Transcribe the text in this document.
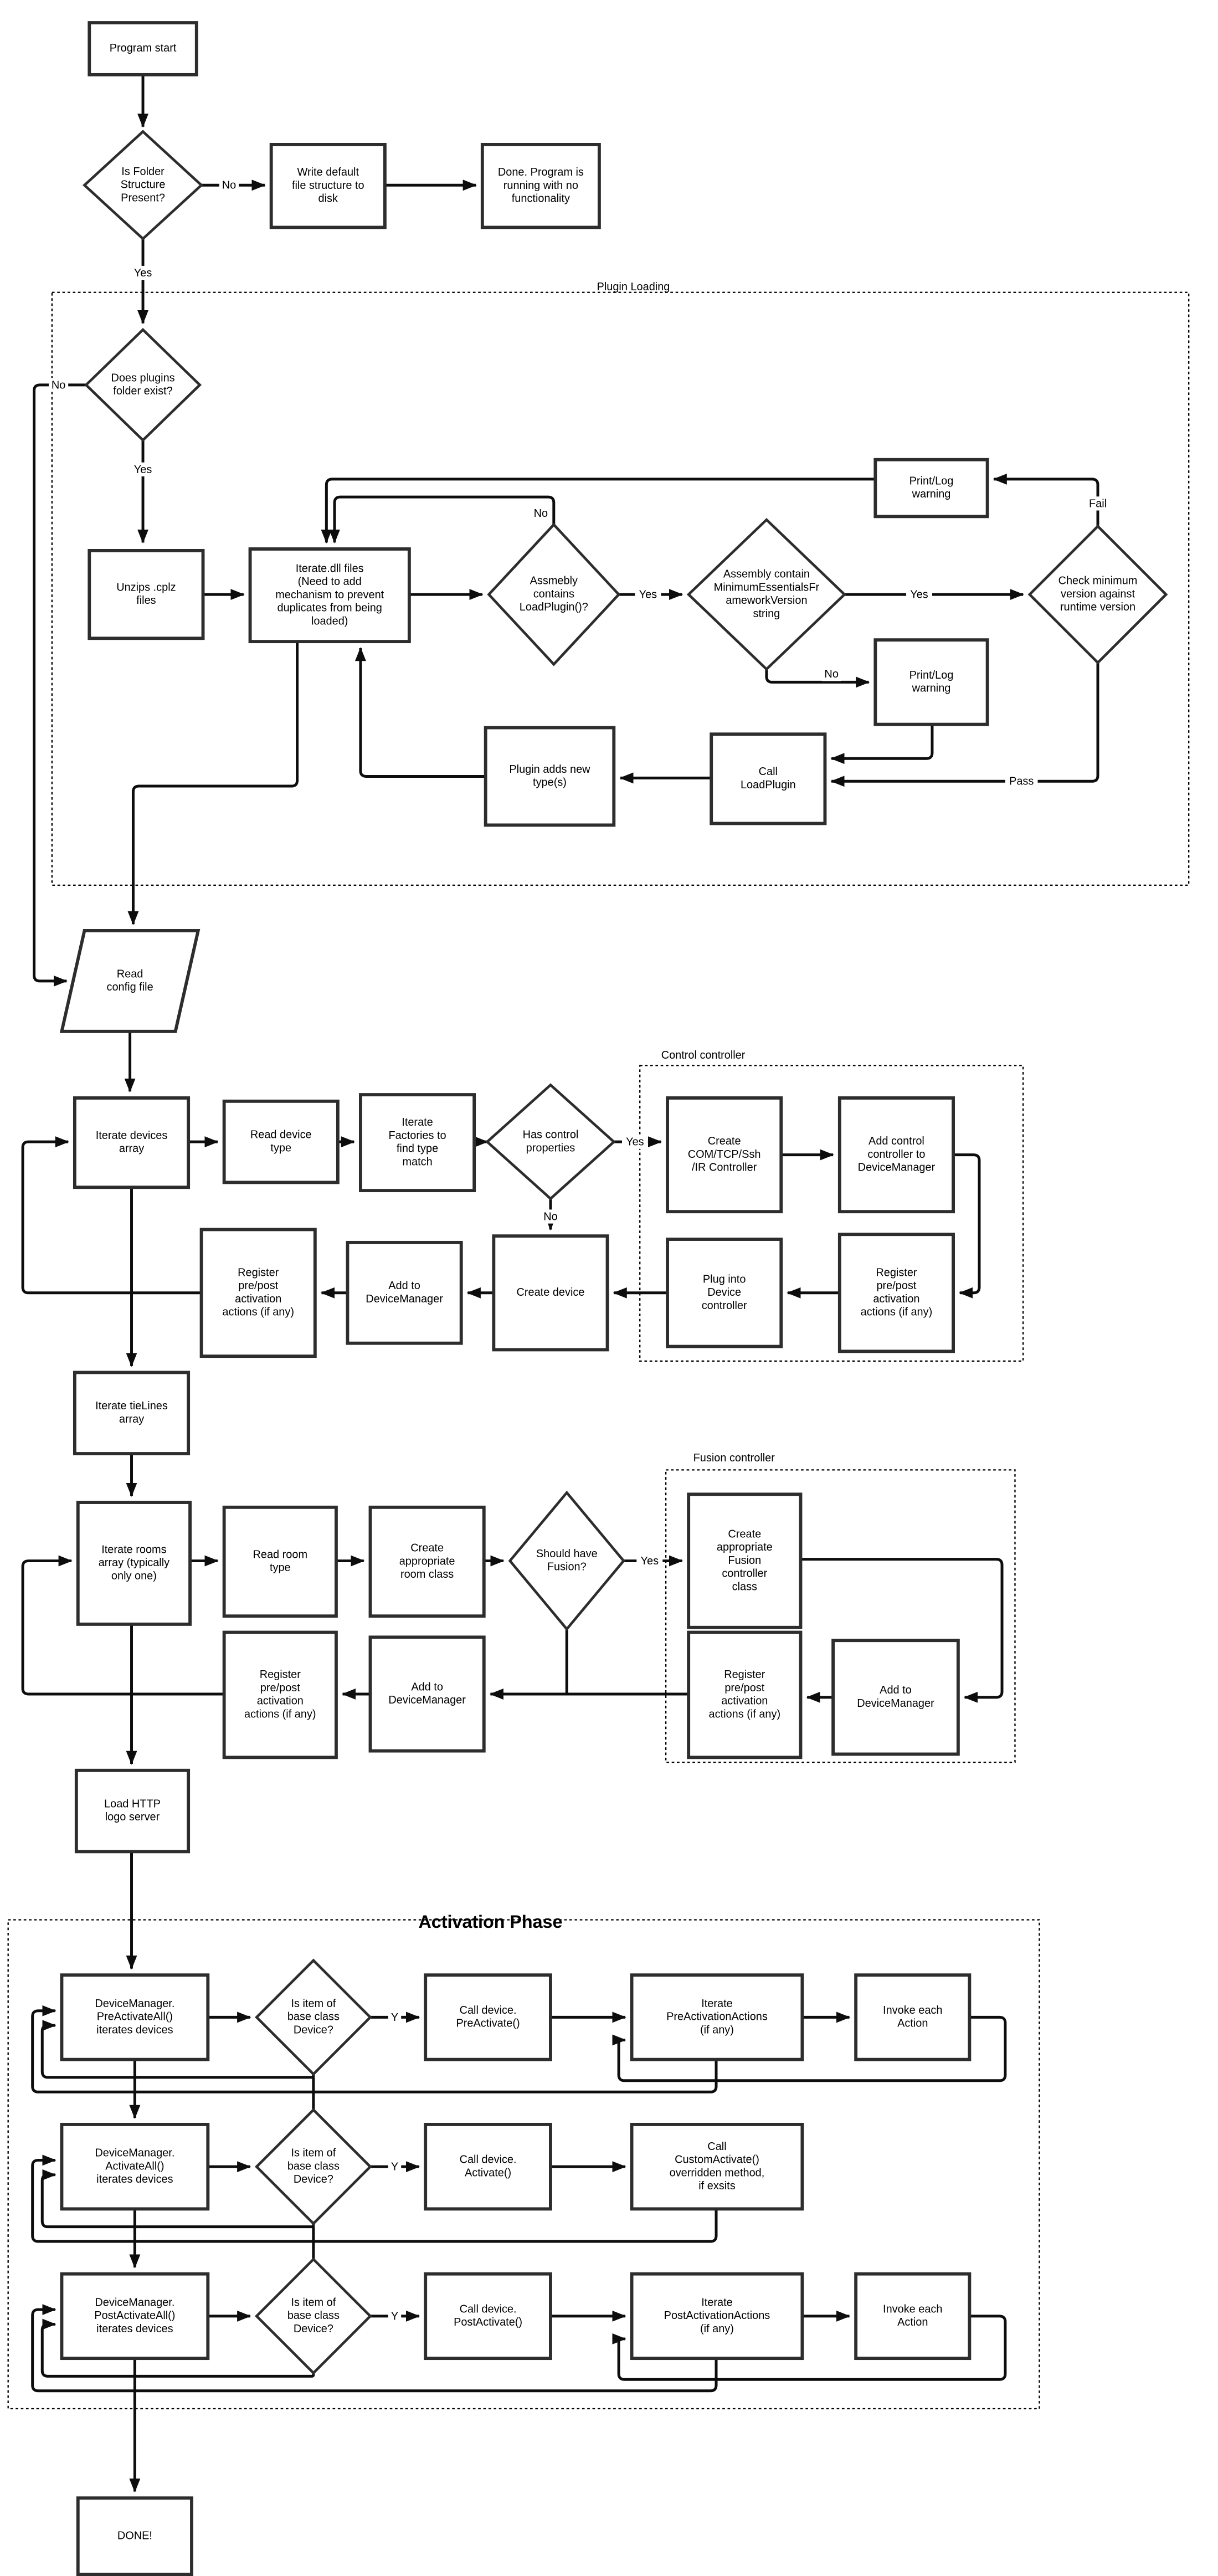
Program start
Is Folder
Structure
Present?
Write default
file structure to
disk
Done. Program is
running with no
functionality
Does plugins
folder exist?
Unzips .cplz
files
Iterate.dll files
(Need to add
mechanism to prevent
duplicates from being
loaded)
Assmebly
contains
LoadPlugin()?
Assembly contain
MinimumEssentialsFr
ameworkVersion
string
Check minimum
version against
runtime version
Print/Log
warning
Print/Log
warning
Plugin adds new
type(s)
Call
LoadPlugin
Read
config file
Iterate devices
array
Read device
type
Iterate
Factories to
find type
match
Has control
properties
Create
COM/TCP/Ssh
/IR Controller
Add control
controller to
DeviceManager
Register
pre/post
activation
actions (if any)
Plug into
Device
controller
Create device
Add to
DeviceManager
Register
pre/post
activation
actions (if any)
Iterate tieLines
array
Iterate rooms
array (typically
only one)
Read room
type
Create
appropriate
room class
Should have
Fusion?
Create
appropriate
Fusion
controller
class
Add to
DeviceManager
Register
pre/post
activation
actions (if any)
Register
pre/post
activation
actions (if any)
Add to
DeviceManager
Load HTTP
logo server
DeviceManager.
PreActivateAll()
iterates devices
Is item of
base class
Device?
Call device.
PreActivate()
Iterate
PreActivationActions
(if any)
Invoke each
Action
DeviceManager.
ActivateAll()
iterates devices
Is item of
base class
Device?
Call device.
Activate()
Call
CustomActivate()
overridden method,
if exsits
DeviceManager.
PostActivateAll()
iterates devices
Is item of
base class
Device?
Call device.
PostActivate()
Iterate
PostActivationActions
(if any)
Invoke each
Action
DONE!
Plugin Loading
Control controller
Fusion controller
Activation Phase
No
Yes
No
Yes
Yes	Yes
Fail
No
No
Pass
Yes
No
Yes
Y
Y
Y
